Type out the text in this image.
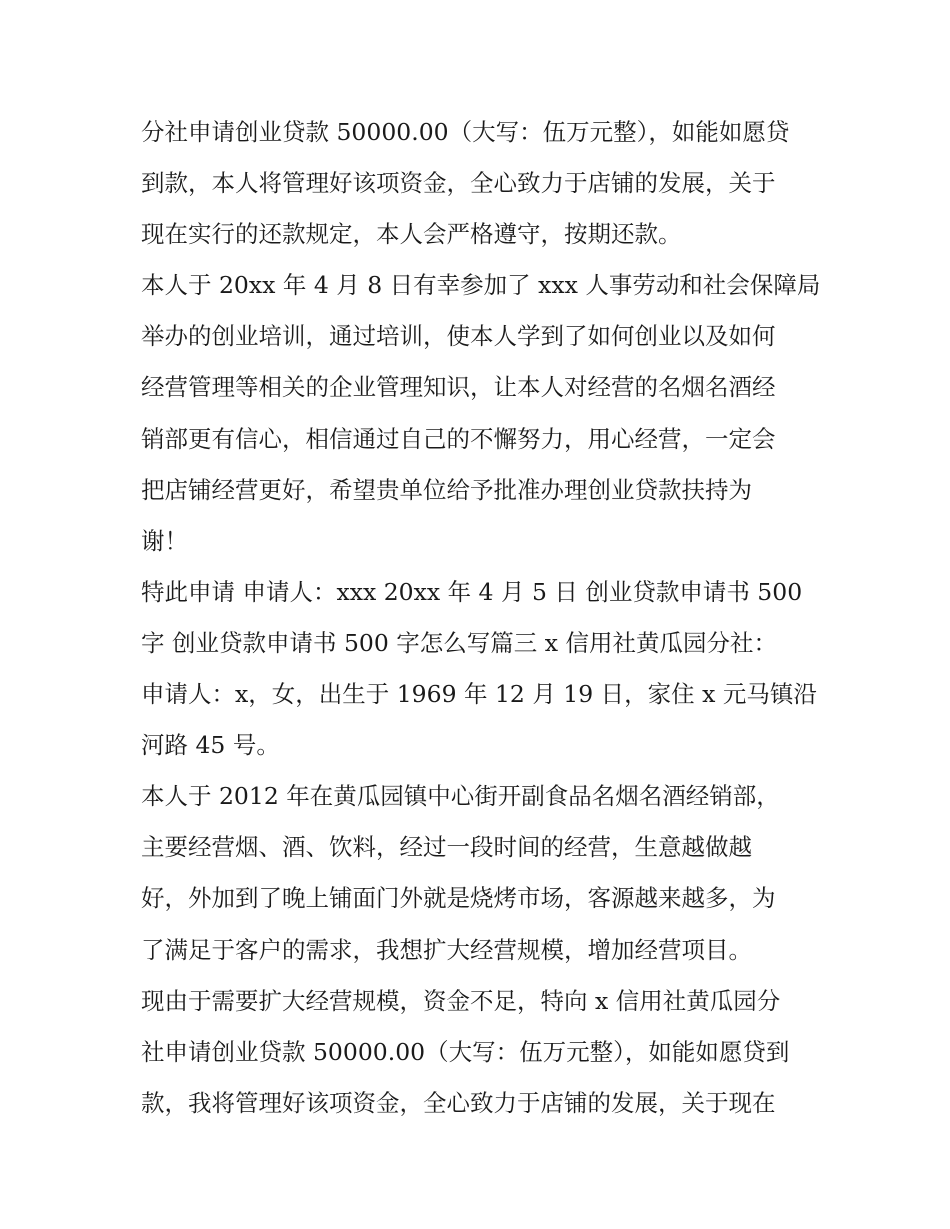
分社申请创业贷款 50000.00（大写：伍万元整），如能如愿贷
到款，本人将管理好该项资金，全心致力于店铺的发展，关于
现在实行的还款规定，本人会严格遵守，按期还款。
本人于 20xx 年 4 月 8 日有幸参加了 xxx 人事劳动和社会保障局
举办的创业培训，通过培训，使本人学到了如何创业以及如何
经营管理等相关的企业管理知识，让本人对经营的名烟名酒经
销部更有信心，相信通过自己的不懈努力，用心经营，一定会
把店铺经营更好，希望贵单位给予批准办理创业贷款扶持为
谢！
特此申请 申请人：xxx 20xx 年 4 月 5 日 创业贷款申请书 500
字 创业贷款申请书 500 字怎么写篇三 x 信用社黄瓜园分社：
申请人：x，女，出生于 1969 年 12 月 19 日，家住 x 元马镇沿
河路 45 号。
本人于 2012 年在黄瓜园镇中心街开副食品名烟名酒经销部，
主要经营烟、酒、饮料，经过一段时间的经营，生意越做越
好，外加到了晚上铺面门外就是烧烤市场，客源越来越多，为
了满足于客户的需求，我想扩大经营规模，增加经营项目。
现由于需要扩大经营规模，资金不足，特向 x 信用社黄瓜园分
社申请创业贷款 50000.00（大写：伍万元整），如能如愿贷到
款，我将管理好该项资金，全心致力于店铺的发展，关于现在
